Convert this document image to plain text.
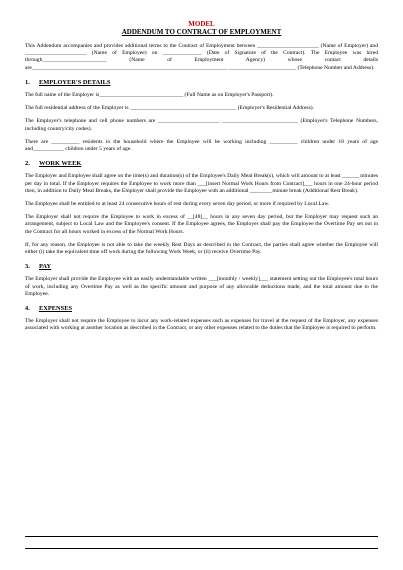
MODEL
ADDENDUM TO CONTRACT OF EMPLOYMENT

This Addendum accompanies and provides additional terms to the Contract of Employment between ______________________ (Name of Employer) and ______________________ (Name of Employee) on ______________ (Date of Signature of the Contract). The Employee was hired through_______________________ (Name of Employment Agency) whose contact details are______________________________________________________________________ ________________________ (Telephone Number and Address).

1. EMPLOYER'S DETAILS

The full name of the Employer is______________________________ (Full Name as on Employer's Passport).

The full residential address of the Employer is ______________________________________ (Employer's Residential Address).

The Employer's telephone and cell phone numbers are ______________________ ___________________________ (Employer's Telephone Numbers, including country/city codes).

There are __________ residents in the household where the Employee will be working including __________ children under 18 years of age and___________ children under 5 years of age.

2. WORK WEEK

The Employer and Employee shall agree on the time(s) and duration(s) of the Employee's Daily Meal Break(s), which will amount to at least ______ minutes per day in total. If the Employer requires the Employee to work more than ___[insert Normal Work Hours from Contract]___ hours in one 24-hour period then, in addition to Daily Meal Breaks, the Employer shall provide the Employee with an additional ________minute break (Additional Rest Break).

The Employee shall be entitled to at least 24 consecutive hours of rest during every seven day period, or more if required by Local Law.

The Employer shall not require the Employee to work in excess of __[48]__ hours in any seven day period, but the Employer may request such an arrangement, subject to Local Law and the Employee's consent. If the Employee agrees, the Employer shall pay the Employee the Overtime Pay set out in the Contract for all hours worked in excess of the Normal Work Hours.

If, for any reason, the Employee is not able to take the weekly Rest Days as described in the Contract, the parties shall agree whether the Employee will either (i) take the equivalent time off work during the following Work Week, or (ii) receive Overtime Pay.

3. PAY

The Employer shall provide the Employee with an easily understandable written ___[monthly / weekly]___ statement setting out the Employee's total hours of work, including any Overtime Pay as well as the specific amount and purpose of any allowable deductions made, and the total amount due to the Employee.

4. EXPENSES

The Employer shall not require the Employee to incur any work-related expenses such as expenses for travel at the request of the Employer, any expenses associated with working at another location as described in the Contract, or any other expenses related to the duties that the Employee is required to perform.
